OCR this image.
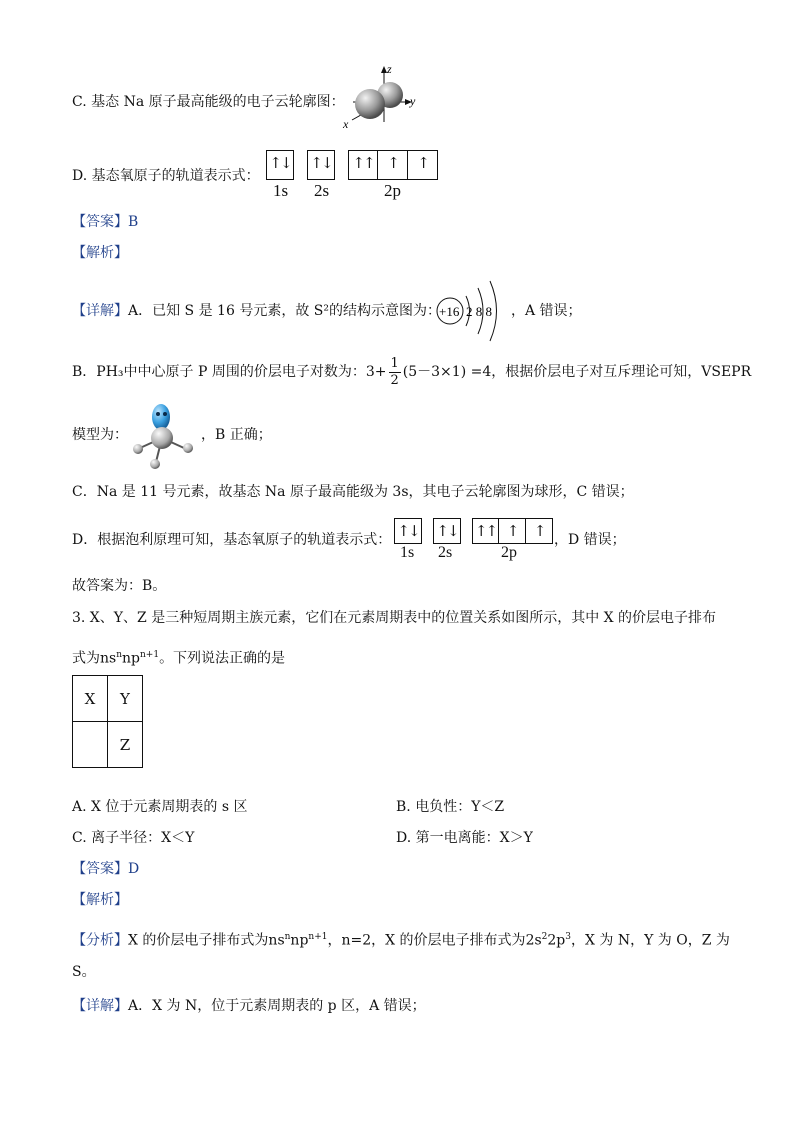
C. 基态 Na 原子最高能级的电子云轮廓图：
z
y
x
D. 基态氧原子的轨道表示式：
↑↓ ↑↓ ↑↑ ↑	↑
1s 2s	2p
【答案】B
【解析】
【详解】A．已知 S 是 16 号元素，故 S²的结构示意图为：
+16 2 8 8 ，A 错误；
B．PH₃中中心原子 P 周围的价层电子对数为：$3+ \frac{1}{2} (5-3\times 1) =4$，根据价层电子对互斥理论可知，VSEPR
模型为：	，B 正确；
C．Na 是 11 号元素，故基态 Na 原子最高能级为 3s，其电子云轮廓图为球形，C 错误；
D．根据泡利原理可知，基态氧原子的轨道表示式： ↑↓ ↑↓ ↑↑ ↑	↑
1s 2s	2p
，D 错误；
故答案为：B。
3. X、Y、Z 是三种短周期主族元素，它们在元素周期表中的位置关系如图所示，其中 X 的价层电子排布
式为$ns^nnp^{n+1}$。下列说法正确的是
X	Y
	Z
A. X 位于元素周期表的 s 区	B. 电负性：Y＜Z
C. 离子半径：X＜Y	D. 第一电离能：X＞Y
【答案】D
【解析】
【分析】X 的价层电子排布式为$ns^nnp^{n+1}$，n=2，X 的价层电子排布式为$2s^22p^3$，X 为 N，Y 为 O，Z 为
S。
【详解】A．X 为 N，位于元素周期表的 p 区，A 错误；
